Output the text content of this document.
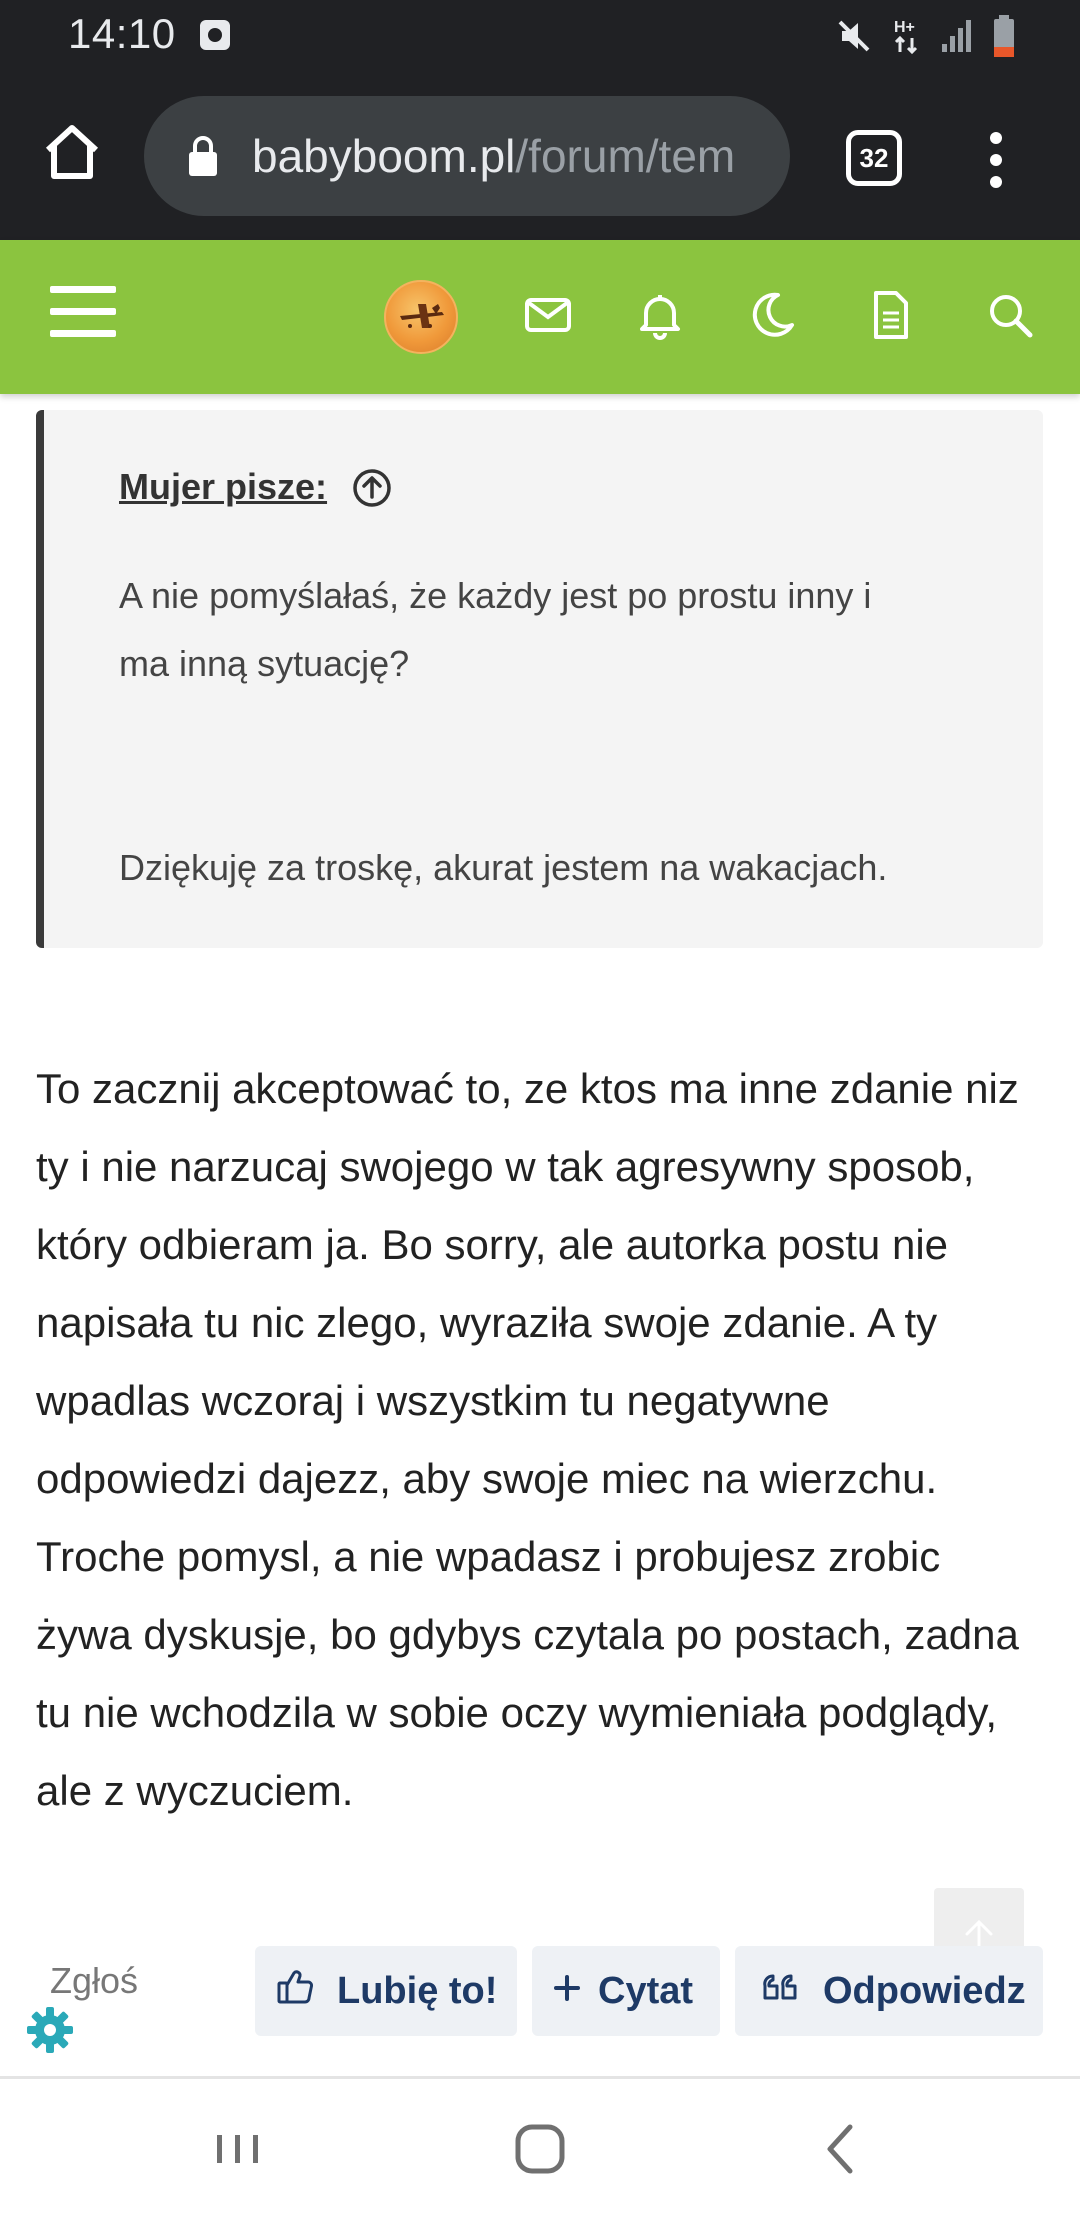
14:10	H+
babyboom.pl/forum/tem	32
Mujer pisze:

A nie pomyślałaś, że każdy jest po prostu inny i

ma inną sytuację?

Dziękuję za troskę, akurat jestem na wakacjach.

To zacznij akceptować to, ze ktos ma inne zdanie niz ty i nie narzucaj swojego w tak agresywny sposob, który odbieram ja. Bo sorry, ale autorka postu nie napisała tu nic zlego, wyraziła swoje zdanie. A ty wpadlas wczoraj i wszystkim tu negatywne odpowiedzi dajezz, aby swoje miec na wierzchu.

Troche pomysl, a nie wpadasz i probujesz zrobic żywa dyskusje, bo gdybys czytala po postach, zadna tu nie wchodzila w sobie oczy wymieniała podglądy, ale z wyczuciem.

Zgłoś	Lubię to!	Cytat	Odpowiedz
